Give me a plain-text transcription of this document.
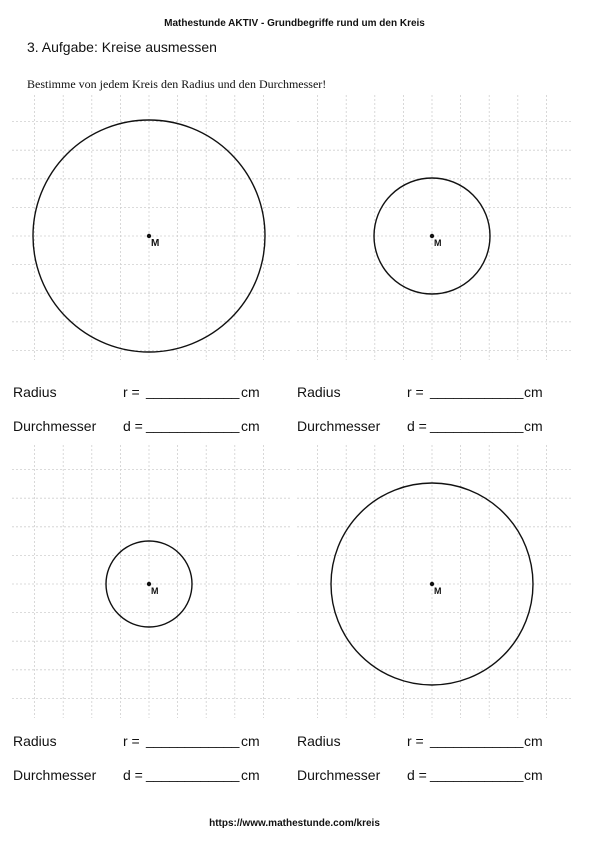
Mathestunde AKTIV - Grundbegriffe rund um den Kreis
3. Aufgabe: Kreise ausmessen
Bestimme von jedem Kreis den Radius und den Durchmesser!
M	M
M	M
Radius	r = ____________ cm
Durchmesser d = ____________ cm
Radius	r = ____________ cm
Durchmesser d = ____________ cm
Radius	r = ____________ cm
Durchmesser d = ____________ cm
Radius	r = ____________ cm
Durchmesser d = ____________ cm
https://www.mathestunde.com/kreis
